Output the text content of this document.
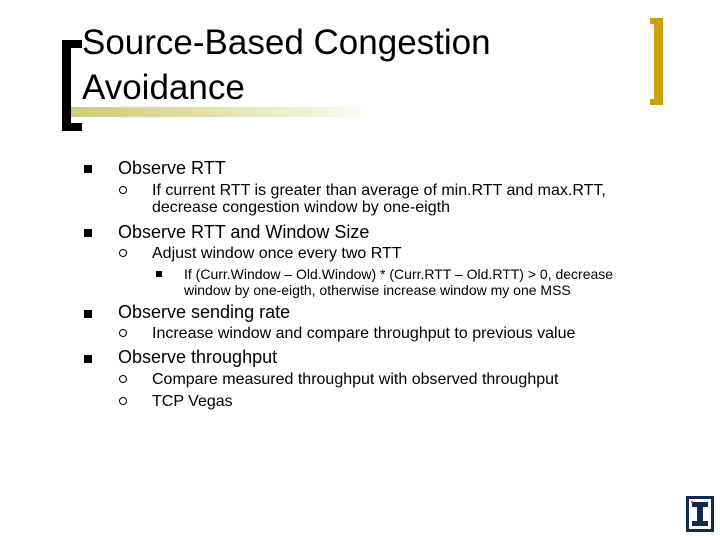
Source-Based Congestion
Avoidance
Observe RTT
If current RTT is greater than average of min.RTT and max.RTT,
decrease congestion window by one-eigth
Observe RTT and Window Size
Adjust window once every two RTT
If (Curr.Window – Old.Window) * (Curr.RTT – Old.RTT) > 0, decrease
window by one-eigth, otherwise increase window my one MSS
Observe sending rate
Increase window and compare throughput to previous value
Observe throughput
Compare measured throughput with observed throughput
TCP Vegas
